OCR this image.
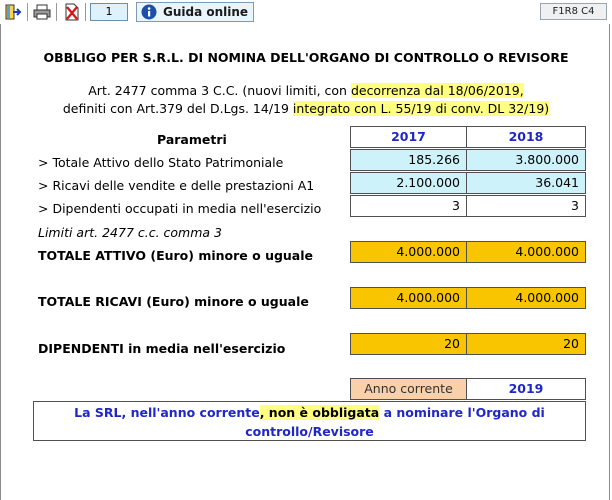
1	Guida online	F1R8 C4
OBBLIGO PER S.R.L. DI NOMINA DELL'ORGANO DI CONTROLLO O REVISORE
Art. 2477 comma 3 C.C. (nuovi limiti, con decorrenza dal 18/06/2019,
definiti con Art.379 del D.Lgs. 14/19 integrato con L. 55/19 di conv. DL 32/19)
Parametri	2017	2018
> Totale Attivo dello Stato Patrimoniale	185.266	3.800.000
> Ricavi delle vendite e delle prestazioni A1	2.100.000	36.041
> Dipendenti occupati in media nell'esercizio	3	3
Limiti art. 2477 c.c. comma 3
TOTALE ATTIVO (Euro) minore o uguale	4.000.000	4.000.000
TOTALE RICAVI (Euro) minore o uguale	4.000.000	4.000.000
DIPENDENTI in media nell'esercizio	20	20
Anno corrente	2019
La SRL, nell'anno corrente, non è obbligata a nominare l'Organo di
controllo/Revisore
